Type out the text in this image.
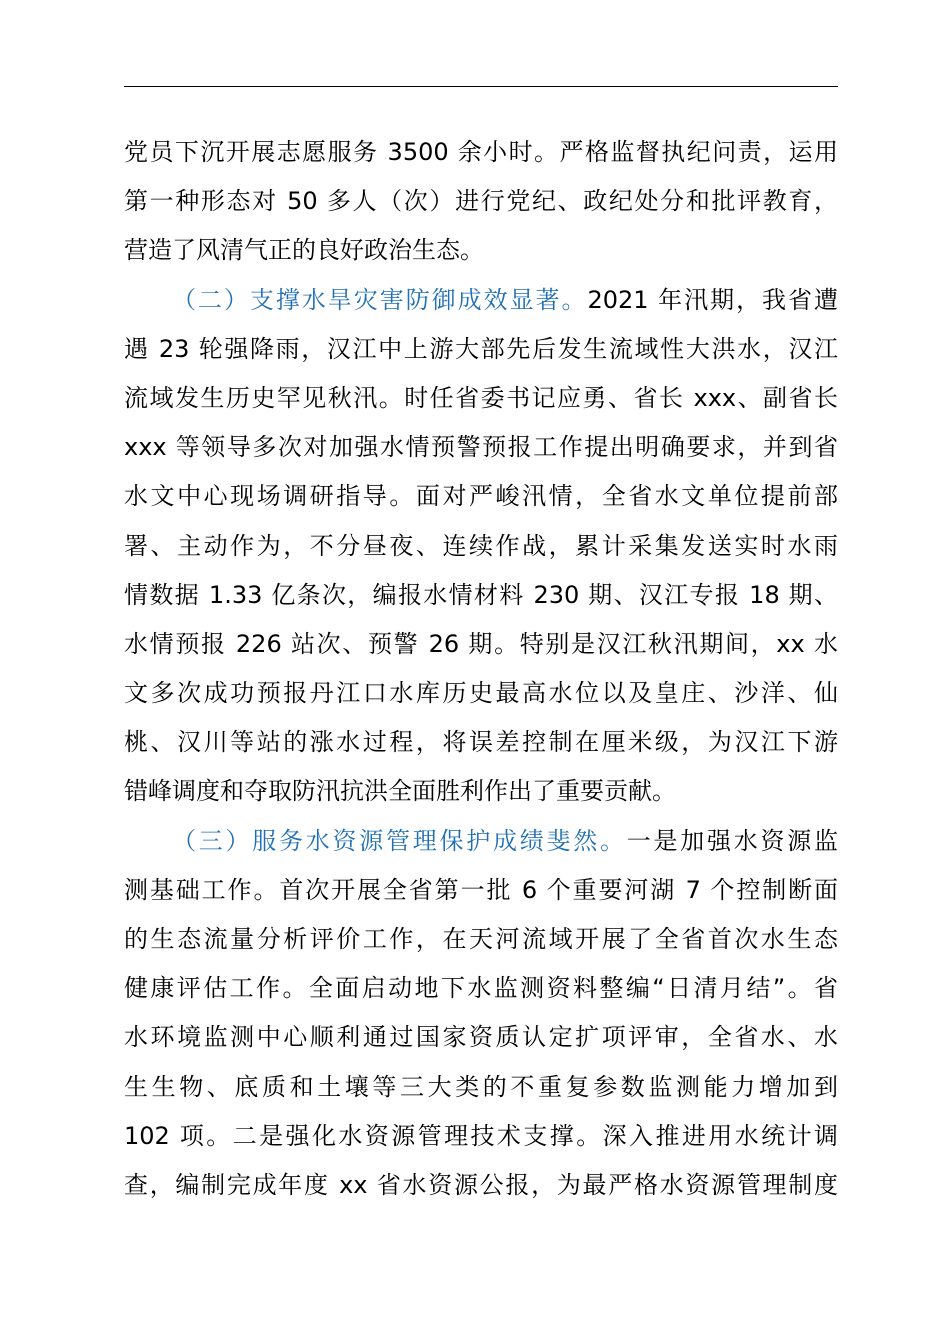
党员下沉开展志愿服务 3500 余小时。严格监督执纪问责，运用
第一种形态对 50 多人（次）进行党纪、政纪处分和批评教育，
营造了风清气正的良好政治生态。
（二）支撑水旱灾害防御成效显著。2021 年汛期，我省遭
遇 23 轮强降雨，汉江中上游大部先后发生流域性大洪水，汉江
流域发生历史罕见秋汛。时任省委书记应勇、省长 xxx、副省长
xxx 等领导多次对加强水情预警预报工作提出明确要求，并到省
水文中心现场调研指导。面对严峻汛情，全省水文单位提前部
署、主动作为，不分昼夜、连续作战，累计采集发送实时水雨
情数据 1.33 亿条次，编报水情材料 230 期、汉江专报 18 期、
水情预报 226 站次、预警 26 期。特别是汉江秋汛期间，xx 水
文多次成功预报丹江口水库历史最高水位以及皇庄、沙洋、仙
桃、汉川等站的涨水过程，将误差控制在厘米级，为汉江下游
错峰调度和夺取防汛抗洪全面胜利作出了重要贡献。
（三）服务水资源管理保护成绩斐然。一是加强水资源监
测基础工作。首次开展全省第一批 6 个重要河湖 7 个控制断面
的生态流量分析评价工作，在天河流域开展了全省首次水生态
健康评估工作。全面启动地下水监测资料整编“日清月结”。省
水环境监测中心顺利通过国家资质认定扩项评审，全省水、水
生生物、底质和土壤等三大类的不重复参数监测能力增加到
102 项。二是强化水资源管理技术支撑。深入推进用水统计调
查，编制完成年度 xx 省水资源公报，为最严格水资源管理制度
